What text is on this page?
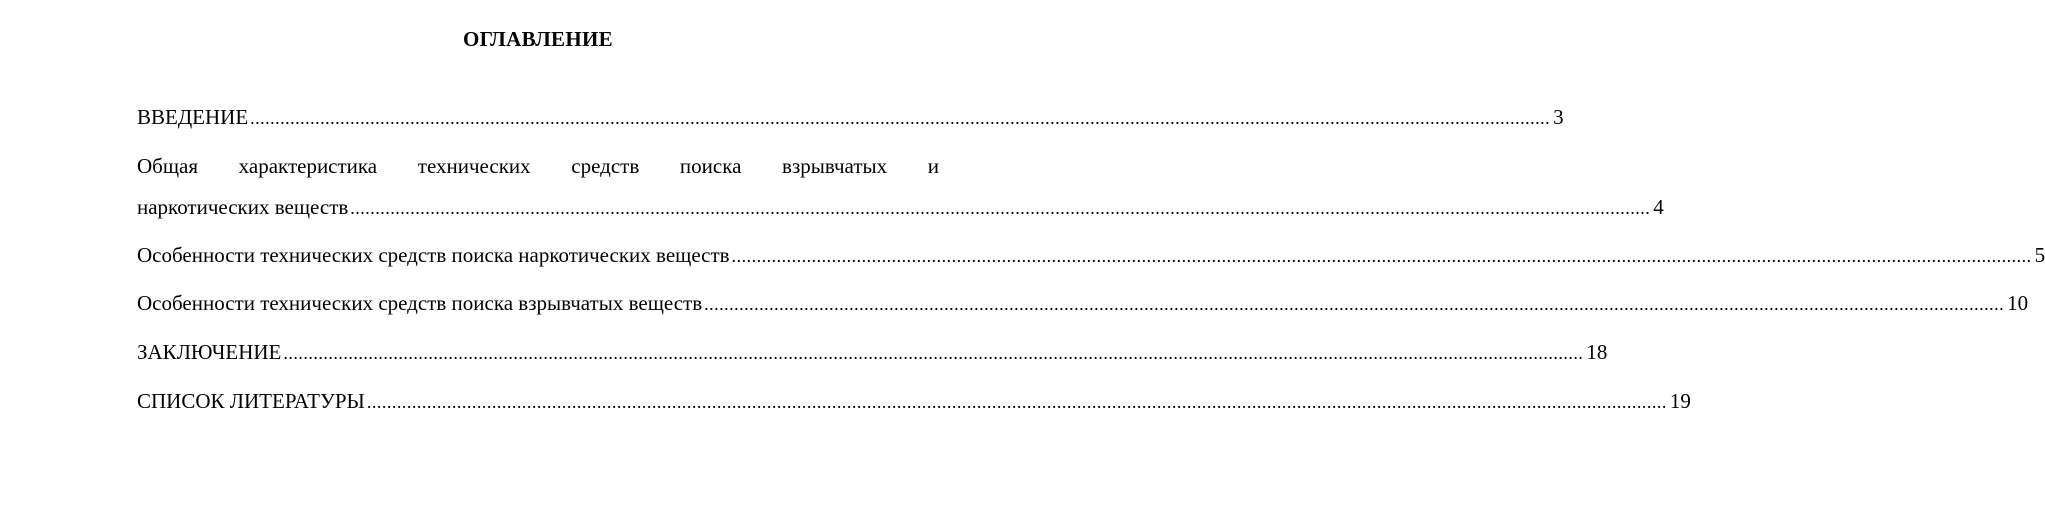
ОГЛАВЛЕНИЕ
ВВЕДЕНИЕ .................................................................................................................................................................................................................................................................... 3
Общая характеристика технических средств поиска взрывчатых и
наркотических веществ .................................................................................................................................................................................................................................................................... 4
Особенности технических средств поиска наркотических веществ .................................................................................................................................................................................................................................................................... 5
Особенности технических средств поиска взрывчатых веществ .................................................................................................................................................................................................................................................................... 10
ЗАКЛЮЧЕНИЕ .................................................................................................................................................................................................................................................................... 18
СПИСОК ЛИТЕРАТУРЫ .................................................................................................................................................................................................................................................................... 19
